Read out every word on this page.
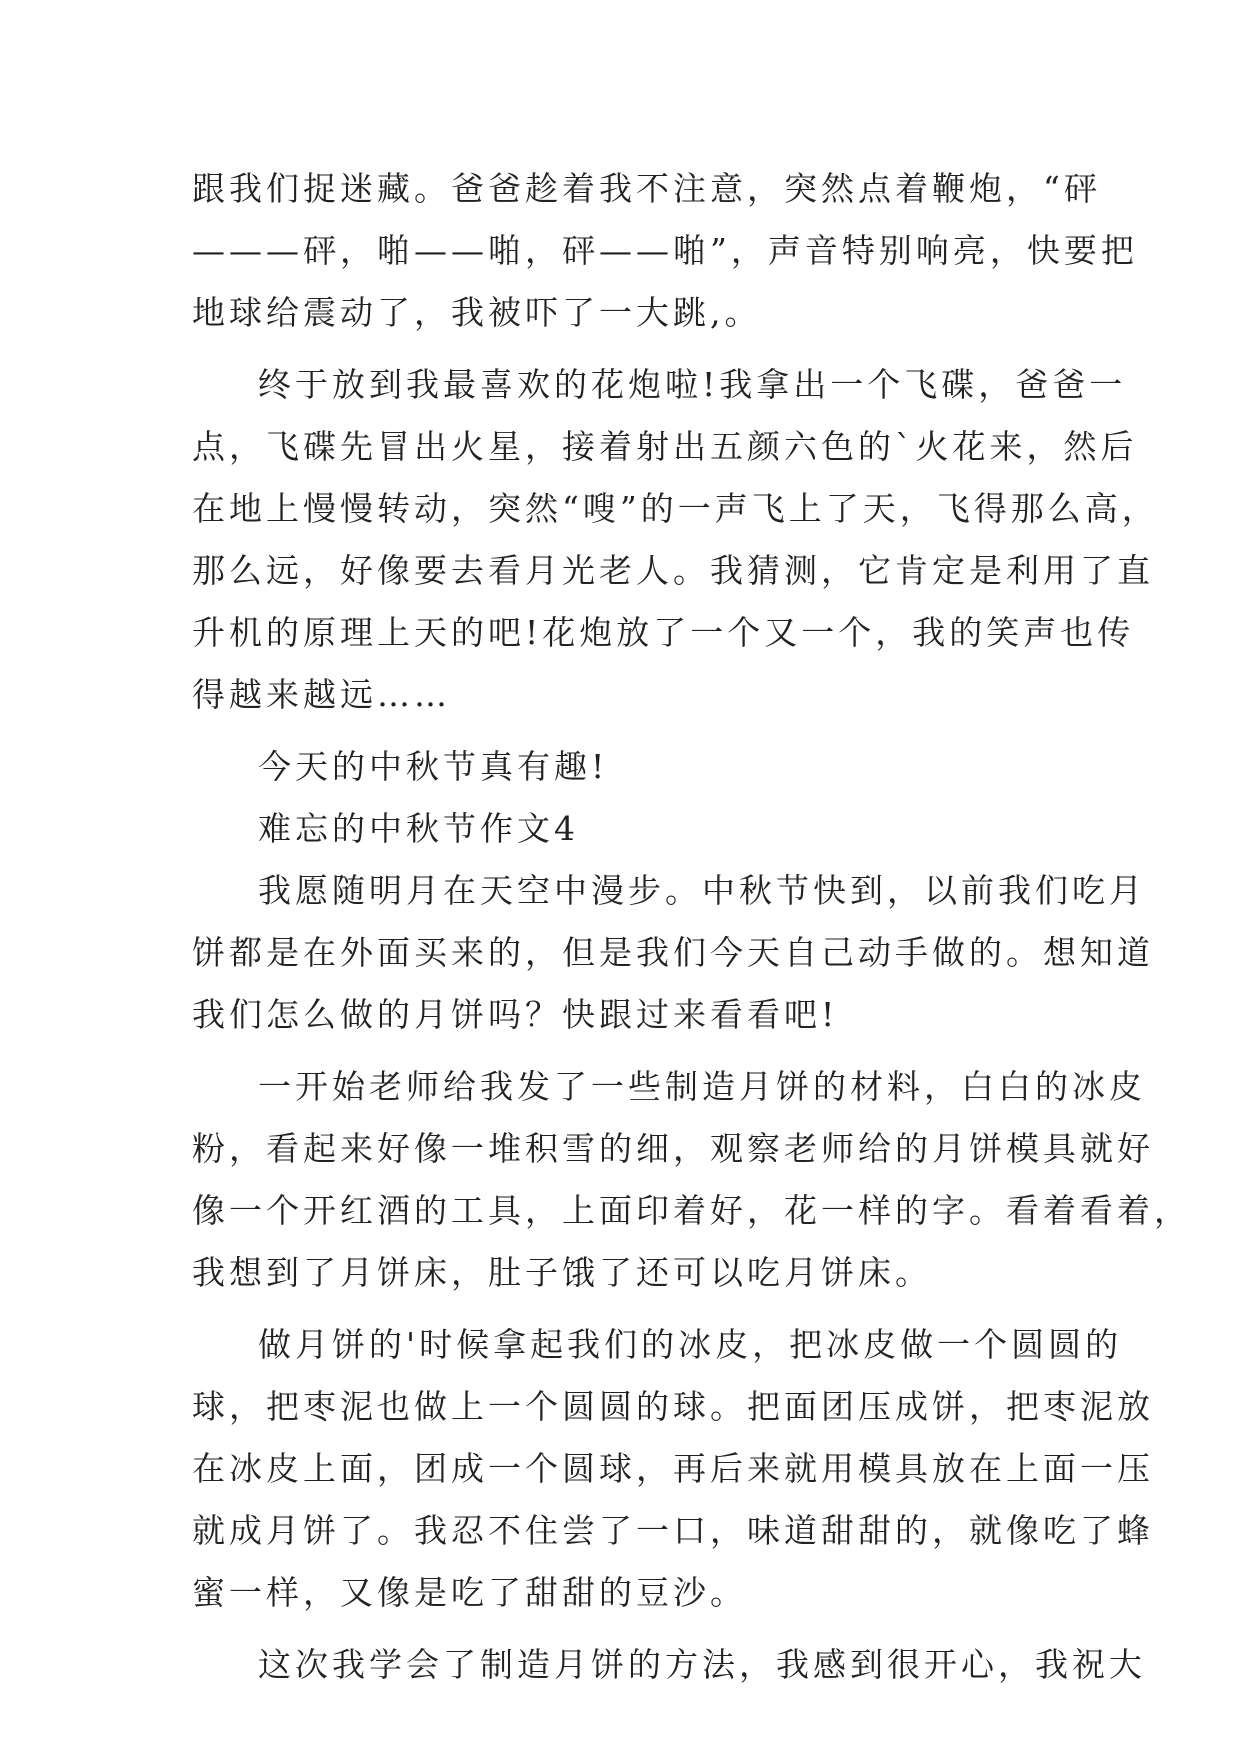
跟我们捉迷藏。爸爸趁着我不注意，突然点着鞭炮，“砰
———砰，啪——啪，砰——啪”，声音特别响亮，快要把
地球给震动了，我被吓了一大跳,。
终于放到我最喜欢的花炮啦!我拿出一个飞碟，爸爸一
点，飞碟先冒出火星，接着射出五颜六色的`火花来，然后
在地上慢慢转动，突然“嗖”的一声飞上了天，飞得那么高，
那么远，好像要去看月光老人。我猜测，它肯定是利用了直
升机的原理上天的吧!花炮放了一个又一个，我的笑声也传
得越来越远……
今天的中秋节真有趣!
难忘的中秋节作文4
我愿随明月在天空中漫步。中秋节快到，以前我们吃月
饼都是在外面买来的，但是我们今天自己动手做的。想知道
我们怎么做的月饼吗？快跟过来看看吧!
一开始老师给我发了一些制造月饼的材料，白白的冰皮
粉，看起来好像一堆积雪的细，观察老师给的月饼模具就好
像一个开红酒的工具，上面印着好，花一样的字。看着看着，
我想到了月饼床，肚子饿了还可以吃月饼床。
做月饼的'时候拿起我们的冰皮，把冰皮做一个圆圆的
球，把枣泥也做上一个圆圆的球。把面团压成饼，把枣泥放
在冰皮上面，团成一个圆球，再后来就用模具放在上面一压
就成月饼了。我忍不住尝了一口，味道甜甜的，就像吃了蜂
蜜一样，又像是吃了甜甜的豆沙。
这次我学会了制造月饼的方法，我感到很开心，我祝大
